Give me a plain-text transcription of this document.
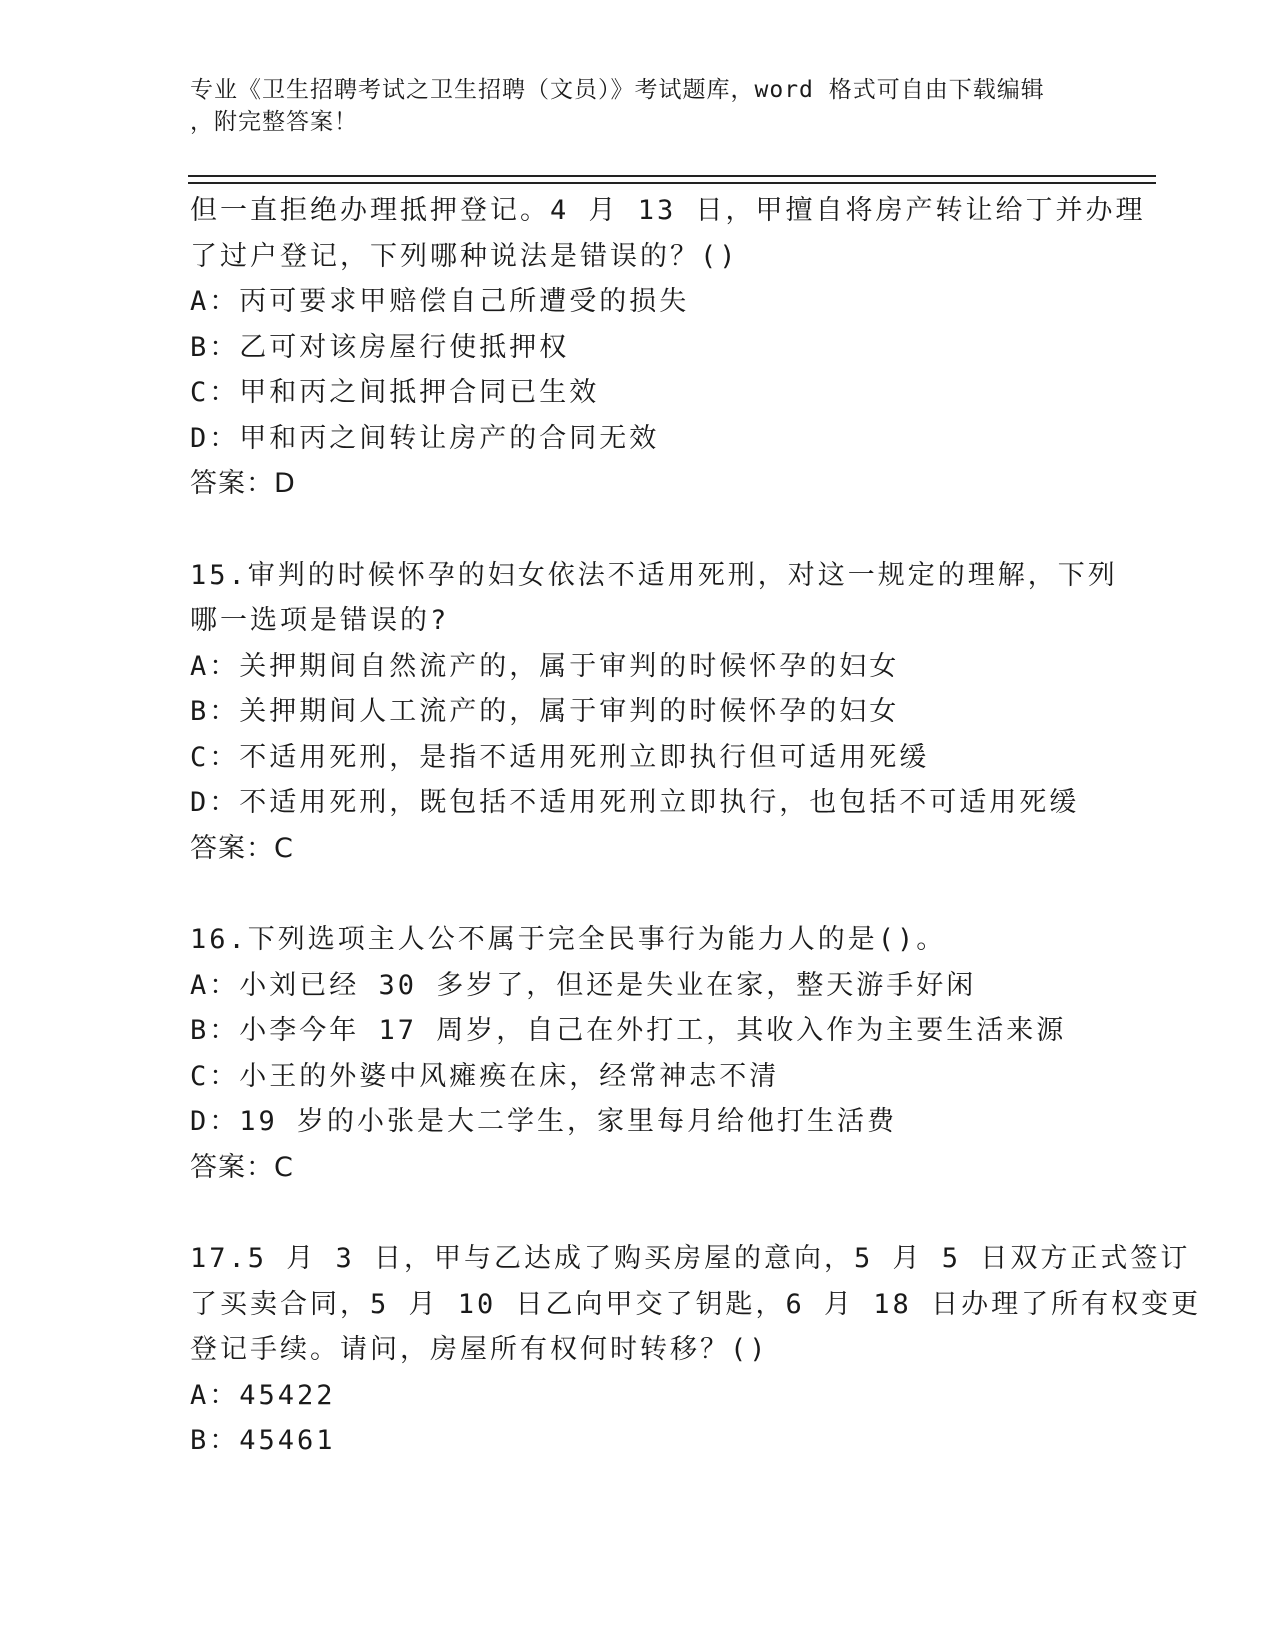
专业《卫生招聘考试之卫生招聘（文员）》考试题库，word 格式可自由下载编辑
，附完整答案！
但一直拒绝办理抵押登记。4 月 13 日，甲擅自将房产转让给丁并办理
了过户登记，下列哪种说法是错误的？()
A：丙可要求甲赔偿自己所遭受的损失
B：乙可对该房屋行使抵押权
C：甲和丙之间抵押合同已生效
D：甲和丙之间转让房产的合同无效
答案：D
15.审判的时候怀孕的妇女依法不适用死刑，对这一规定的理解，下列
哪一选项是错误的?
A：关押期间自然流产的，属于审判的时候怀孕的妇女
B：关押期间人工流产的，属于审判的时候怀孕的妇女
C：不适用死刑，是指不适用死刑立即执行但可适用死缓
D：不适用死刑，既包括不适用死刑立即执行，也包括不可适用死缓
答案：C
16.下列选项主人公不属于完全民事行为能力人的是()。
A：小刘已经 30 多岁了，但还是失业在家，整天游手好闲
B：小李今年 17 周岁，自己在外打工，其收入作为主要生活来源
C：小王的外婆中风瘫痪在床，经常神志不清
D：19 岁的小张是大二学生，家里每月给他打生活费
答案：C
17.5 月 3 日，甲与乙达成了购买房屋的意向，5 月 5 日双方正式签订
了买卖合同，5 月 10 日乙向甲交了钥匙，6 月 18 日办理了所有权变更
登记手续。请问，房屋所有权何时转移？()
A：45422
B：45461
